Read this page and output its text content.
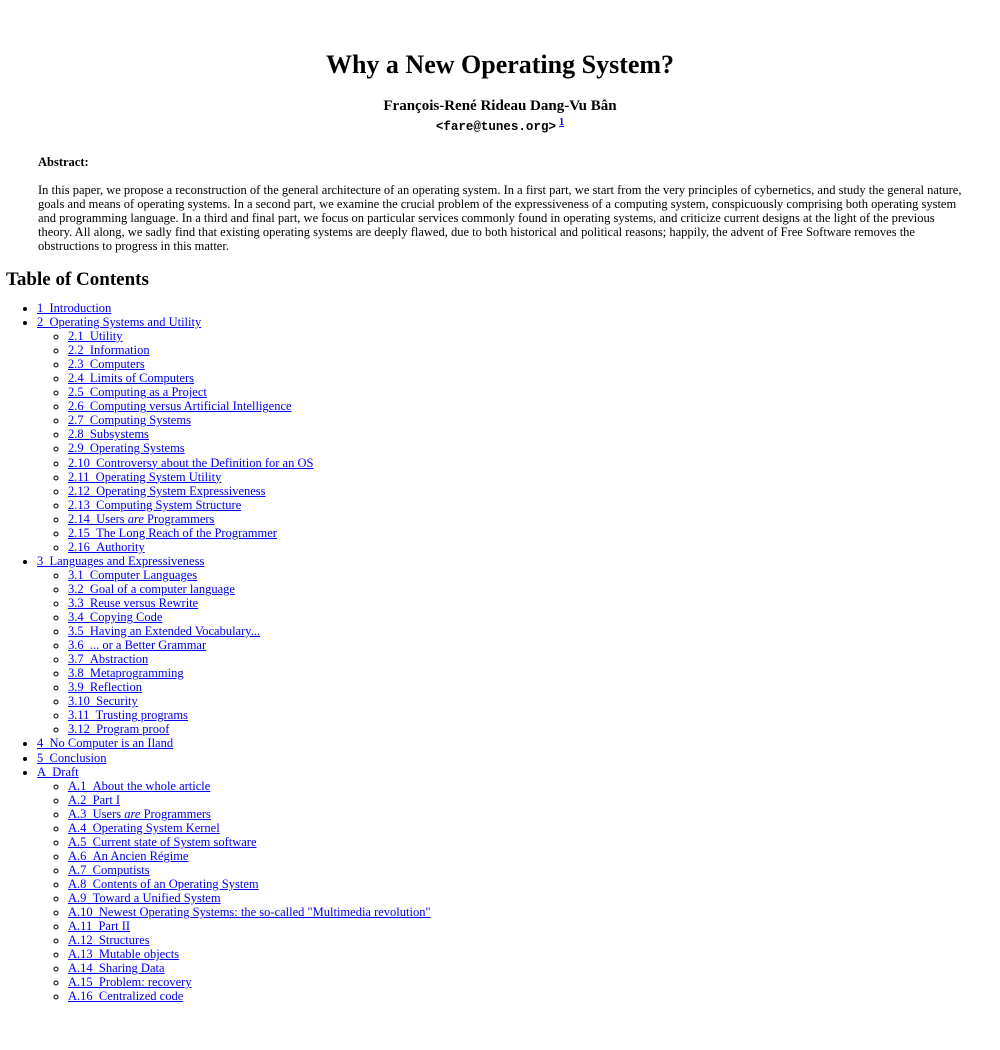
Why a New Operating System?
François-René Rideau Dang-Vu Bân
<fare@tunes.org> $^1$
Abstract:
In this paper, we propose a reconstruction of the general architecture of an operating system. In a first part, we start from the very principles of cybernetics, and study the general nature, goals and means of operating systems. In a second part, we examine the crucial problem of the expressiveness of a computing system, conspicuously comprising both operating system and programming language. In a third and final part, we focus on particular services commonly found in operating systems, and criticize current designs at the light of the previous theory. All along, we sadly find that existing operating systems are deeply flawed, due to both historical and political reasons; happily, the advent of Free Software removes the obstructions to progress in this matter.
Table of Contents
• 1  Introduction
• 2  Operating Systems and Utility
◦ 2.1  Utility
◦ 2.2  Information
◦ 2.3  Computers
◦ 2.4  Limits of Computers
◦ 2.5  Computing as a Project
◦ 2.6  Computing versus Artificial Intelligence
◦ 2.7  Computing Systems
◦ 2.8  Subsystems
◦ 2.9  Operating Systems
◦ 2.10  Controversy about the Definition for an OS
◦ 2.11  Operating System Utility
◦ 2.12  Operating System Expressiveness
◦ 2.13  Computing System Structure
◦ 2.14  Users are Programmers
◦ 2.15  The Long Reach of the Programmer
◦ 2.16  Authority
• 3  Languages and Expressiveness
◦ 3.1  Computer Languages
◦ 3.2  Goal of a computer language
◦ 3.3  Reuse versus Rewrite
◦ 3.4  Copying Code
◦ 3.5  Having an Extended Vocabulary...
◦ 3.6  ... or a Better Grammar
◦ 3.7  Abstraction
◦ 3.8  Metaprogramming
◦ 3.9  Reflection
◦ 3.10  Security
◦ 3.11  Trusting programs
◦ 3.12  Program proof
• 4  No Computer is an Iland
• 5  Conclusion
• A  Draft
◦ A.1  About the whole article
◦ A.2  Part I
◦ A.3  Users are Programmers
◦ A.4  Operating System Kernel
◦ A.5  Current state of System software
◦ A.6  An Ancien Régime
◦ A.7  Computists
◦ A.8  Contents of an Operating System
◦ A.9  Toward a Unified System
◦ A.10  Newest Operating Systems: the so-called "Multimedia revolution"
◦ A.11  Part II
◦ A.12  Structures
◦ A.13  Mutable objects
◦ A.14  Sharing Data
◦ A.15  Problem: recovery
◦ A.16  Centralized code
